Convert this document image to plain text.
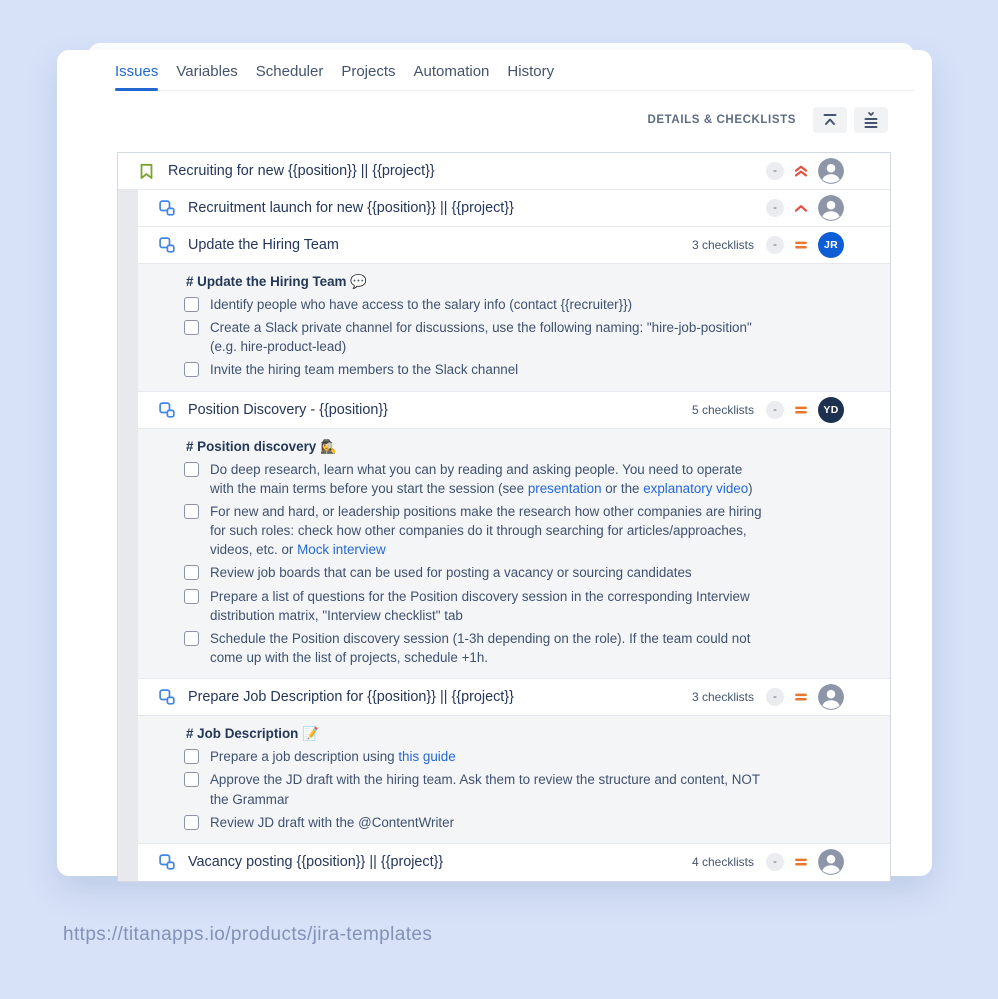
Issues Variables Scheduler Projects Automation History
DETAILS & CHECKLISTS
Recruiting for new {{position}} || {{project}}	-
Recruitment launch for new {{position}} || {{project}}	-
Update the Hiring Team	3 checklists	-	JR
# Update the Hiring Team 💬
Identify people who have access to the salary info (contact {{recruiter}})
Create a Slack private channel for discussions, use the following naming: "hire-job-position" (e.g. hire-product-lead)
Invite the hiring team members to the Slack channel
Position Discovery - {{position}}	5 checklists	-	YD
# Position discovery 🕵️‍♀️
Do deep research, learn what you can by reading and asking people. You need to operate with the main terms before you start the session (see presentation or the explanatory video)
For new and hard, or leadership positions make the research how other companies are hiring for such roles: check how other companies do it through searching for articles/approaches, videos, etc. or Mock interview
Review job boards that can be used for posting a vacancy or sourcing candidates
Prepare a list of questions for the Position discovery session in the corresponding Interview distribution matrix, "Interview checklist" tab
Schedule the Position discovery session (1-3h depending on the role). If the team could not come up with the list of projects, schedule +1h.
Prepare Job Description for {{position}} || {{project}}	3 checklists	-
# Job Description 📝
Prepare a job description using this guide
Approve the JD draft with the hiring team. Ask them to review the structure and content, NOT the Grammar
Review JD draft with the @ContentWriter
Vacancy posting {{position}} || {{project}}	4 checklists	-
https://titanapps.io/products/jira-templates
